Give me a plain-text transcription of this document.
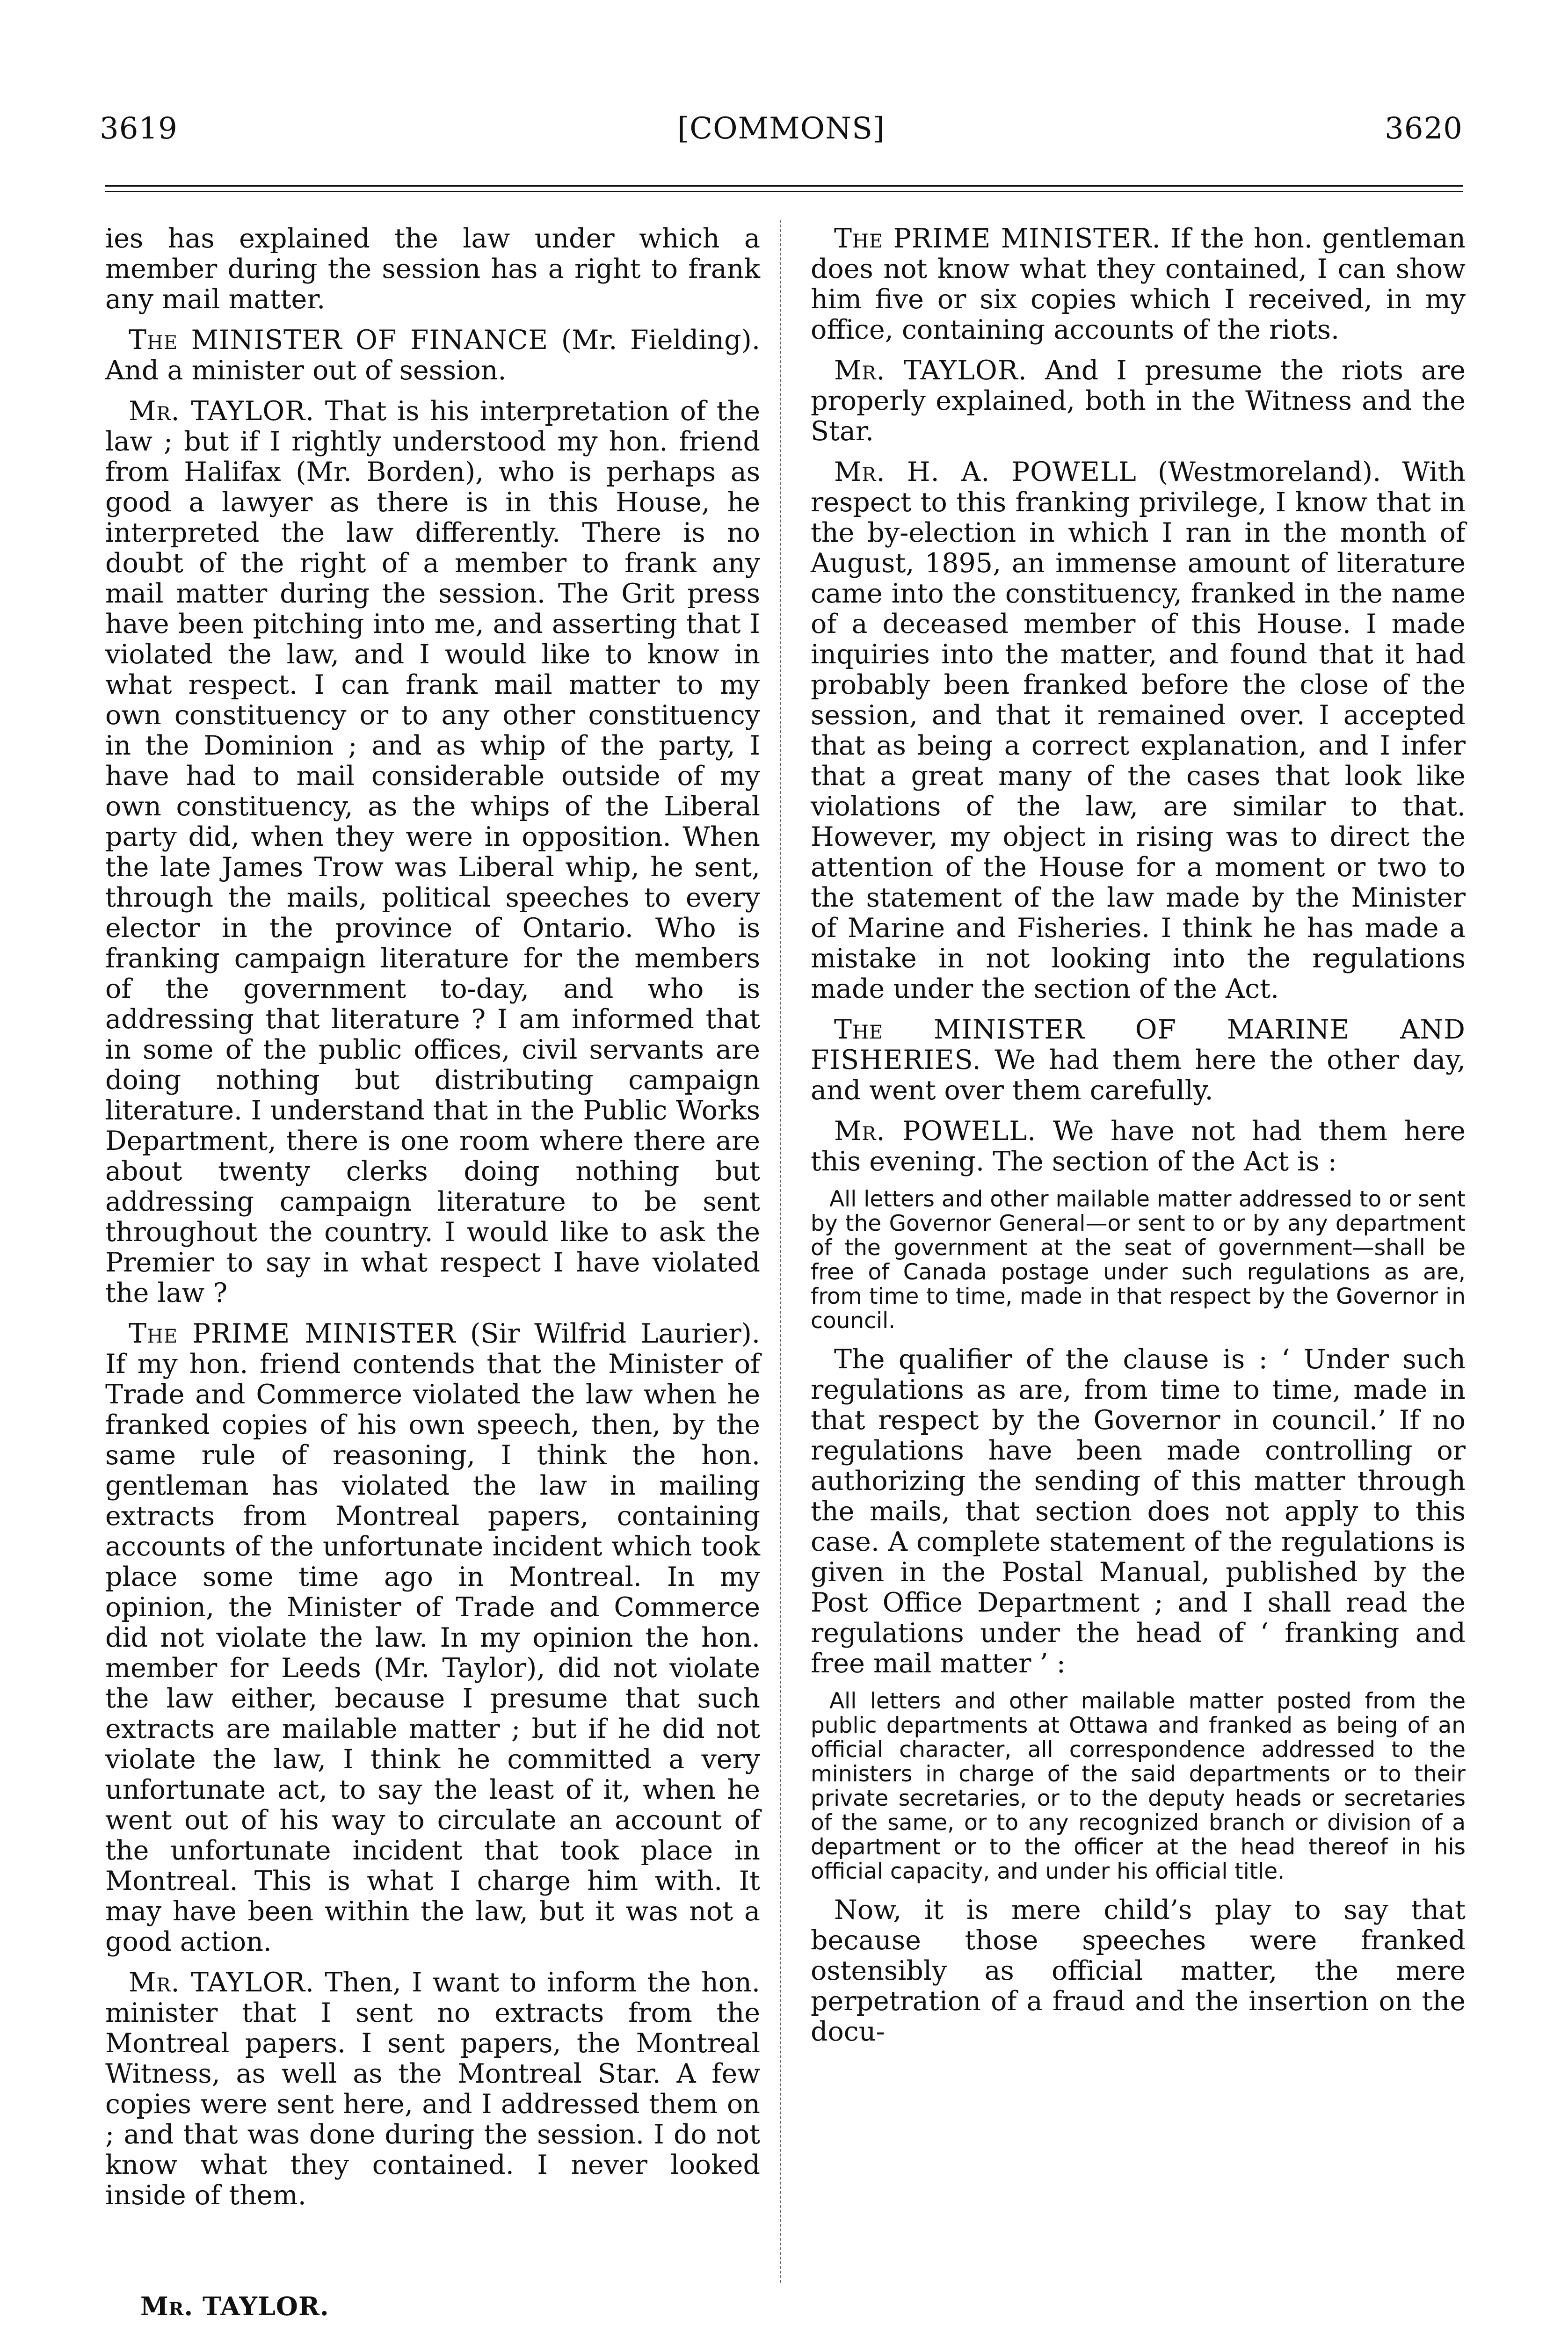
3619	[COMMONS]	3620

ies has explained the law under which a member during the session has a right to frank any mail matter.

The MINISTER OF FINANCE (Mr. Fielding). And a minister out of session.

Mr. TAYLOR. That is his interpretation of the law ; but if I rightly understood my hon. friend from Halifax (Mr. Borden), who is perhaps as good a lawyer as there is in this House, he interpreted the law differently. There is no doubt of the right of a member to frank any mail matter during the session. The Grit press have been pitching into me, and asserting that I violated the law, and I would like to know in what respect. I can frank mail matter to my own constituency or to any other constituency in the Dominion ; and as whip of the party, I have had to mail considerable outside of my own constituency, as the whips of the Liberal party did, when they were in opposition. When the late James Trow was Liberal whip, he sent, through the mails, political speeches to every elector in the province of Ontario. Who is franking campaign literature for the members of the government to-day, and who is addressing that literature ? I am informed that in some of the public offices, civil servants are doing nothing but distributing campaign literature. I understand that in the Public Works Department, there is one room where there are about twenty clerks doing nothing but addressing campaign literature to be sent throughout the country. I would like to ask the Premier to say in what respect I have violated the law ?

The PRIME MINISTER (Sir Wilfrid Laurier). If my hon. friend contends that the Minister of Trade and Commerce violated the law when he franked copies of his own speech, then, by the same rule of reasoning, I think the hon. gentleman has violated the law in mailing extracts from Montreal papers, containing accounts of the unfortunate incident which took place some time ago in Montreal. In my opinion, the Minister of Trade and Commerce did not violate the law. In my opinion the hon. member for Leeds (Mr. Taylor), did not violate the law either, because I presume that such extracts are mailable matter ; but if he did not violate the law, I think he committed a very unfortunate act, to say the least of it, when he went out of his way to circulate an account of the unfortunate incident that took place in Montreal. This is what I charge him with. It may have been within the law, but it was not a good action.

Mr. TAYLOR. Then, I want to inform the hon. minister that I sent no extracts from the Montreal papers. I sent papers, the Montreal Witness, as well as the Montreal Star. A few copies were sent here, and I addressed them on ; and that was done during the session. I do not know what they contained. I never looked inside of them.

The PRIME MINISTER. If the hon. gentleman does not know what they contained, I can show him five or six copies which I received, in my office, containing accounts of the riots.

Mr. TAYLOR. And I presume the riots are properly explained, both in the Witness and the Star.

Mr. H. A. POWELL (Westmoreland). With respect to this franking privilege, I know that in the by-election in which I ran in the month of August, 1895, an immense amount of literature came into the constituency, franked in the name of a deceased member of this House. I made inquiries into the matter, and found that it had probably been franked before the close of the session, and that it remained over. I accepted that as being a correct explanation, and I infer that a great many of the cases that look like violations of the law, are similar to that. However, my object in rising was to direct the attention of the House for a moment or two to the statement of the law made by the Minister of Marine and Fisheries. I think he has made a mistake in not looking into the regulations made under the section of the Act.

The MINISTER OF MARINE AND FISHERIES. We had them here the other day, and went over them carefully.

Mr. POWELL. We have not had them here this evening. The section of the Act is :

All letters and other mailable matter addressed to or sent by the Governor General—or sent to or by any department of the government at the seat of government—shall be free of Canada postage under such regulations as are, from time to time, made in that respect by the Governor in council.

The qualifier of the clause is : ‘ Under such regulations as are, from time to time, made in that respect by the Governor in council.’ If no regulations have been made controlling or authorizing the sending of this matter through the mails, that section does not apply to this case. A complete statement of the regulations is given in the Postal Manual, published by the Post Office Department ; and I shall read the regulations under the head of ‘ franking and free mail matter ’ :

All letters and other mailable matter posted from the public departments at Ottawa and franked as being of an official character, all correspondence addressed to the ministers in charge of the said departments or to their private secretaries, or to the deputy heads or secretaries of the same, or to any recognized branch or division of a department or to the officer at the head thereof in his official capacity, and under his official title.

Now, it is mere child’s play to say that because those speeches were franked ostensibly as official matter, the mere perpetration of a fraud and the insertion on the docu-

Mr. TAYLOR.
